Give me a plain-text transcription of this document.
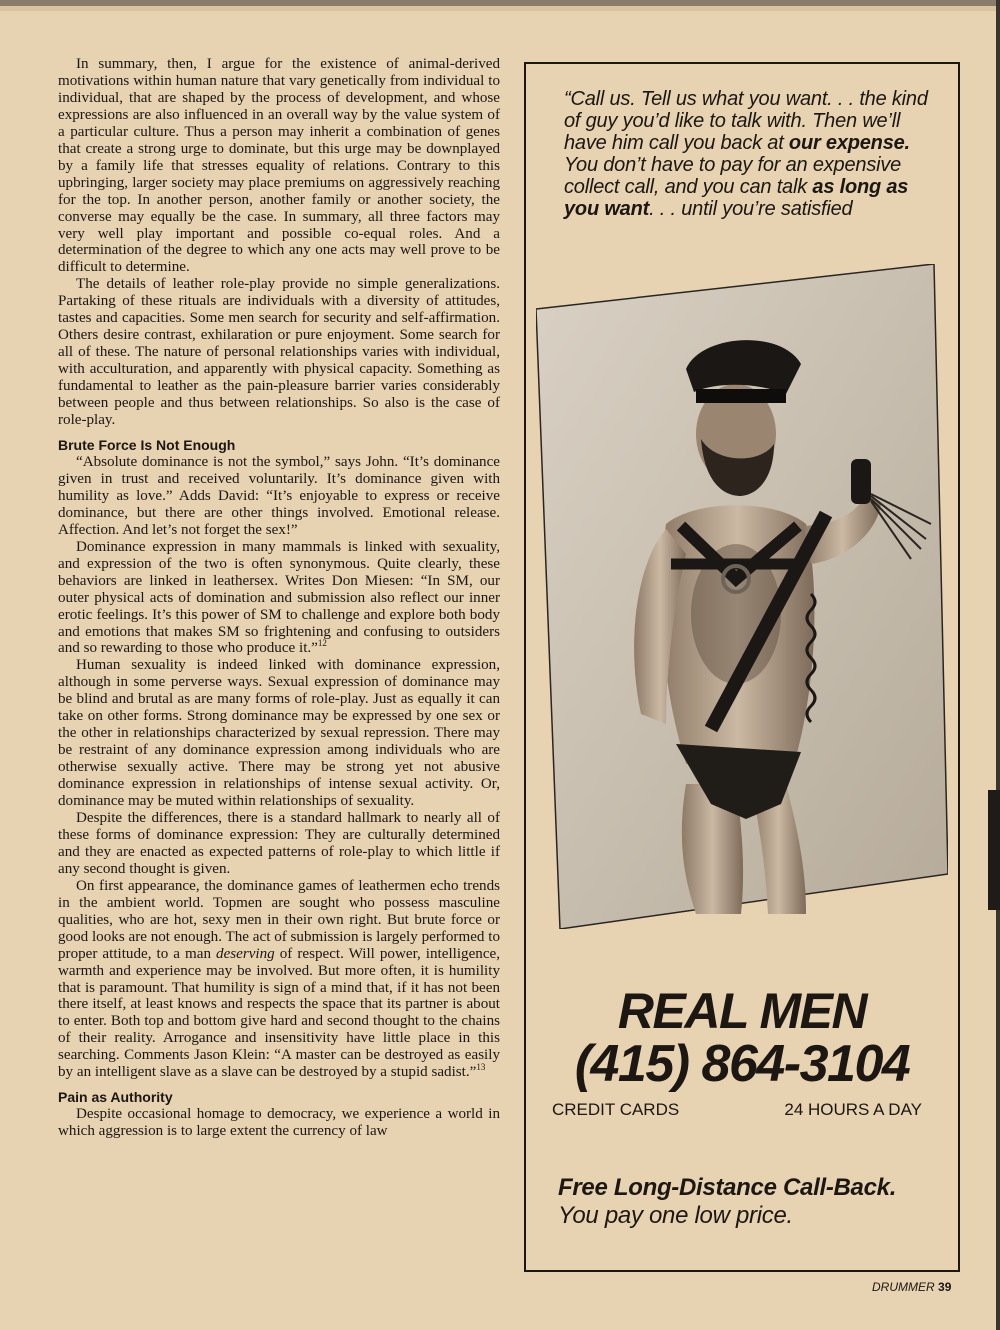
In summary, then, I argue for the existence of animal-derived motivations within human nature that vary genetically from individual to individual, that are shaped by the process of development, and whose expressions are also influenced in an overall way by the value system of a particular culture. Thus a person may inherit a combination of genes that create a strong urge to dominate, but this urge may be downplayed by a family life that stresses equality of relations. Contrary to this upbringing, larger society may place premiums on aggressively reaching for the top. In another person, another family or another society, the converse may equally be the case. In summary, all three factors may very well play important and possible co-equal roles. And a determination of the degree to which any one acts may well prove to be difficult to determine.

The details of leather role-play provide no simple generalizations. Partaking of these rituals are individuals with a diversity of attitudes, tastes and capacities. Some men search for security and self-affirmation. Others desire contrast, exhilaration or pure enjoyment. Some search for all of these. The nature of personal relationships varies with individual, with acculturation, and apparently with physical capacity. Something as fundamental to leather as the pain-pleasure barrier varies considerably between people and thus between relationships. So also is the case of role-play.

Brute Force Is Not Enough

“Absolute dominance is not the symbol,” says John. “It’s dominance given in trust and received voluntarily. It’s dominance given with humility as love.” Adds David: “It’s enjoyable to express or receive dominance, but there are other things involved. Emotional release. Affection. And let’s not forget the sex!”

Dominance expression in many mammals is linked with sexuality, and expression of the two is often synonymous. Quite clearly, these behaviors are linked in leathersex. Writes Don Miesen: “In SM, our outer physical acts of domination and submission also reflect our inner erotic feelings. It’s this power of SM to challenge and explore both body and emotions that makes SM so frightening and confusing to outsiders and so rewarding to those who produce it.”$^{12}$

Human sexuality is indeed linked with dominance expression, although in some perverse ways. Sexual expression of dominance may be blind and brutal as are many forms of role-play. Just as equally it can take on other forms. Strong dominance may be expressed by one sex or the other in relationships characterized by sexual repression. There may be restraint of any dominance expression among individuals who are otherwise sexually active. There may be strong yet not abusive dominance expression in relationships of intense sexual activity. Or, dominance may be muted within relationships of sexuality.

Despite the differences, there is a standard hallmark to nearly all of these forms of dominance expression: They are culturally determined and they are enacted as expected patterns of role-play to which little if any second thought is given.

On first appearance, the dominance games of leathermen echo trends in the ambient world. Topmen are sought who possess masculine qualities, who are hot, sexy men in their own right. But brute force or good looks are not enough. The act of submission is largely performed to proper attitude, to a man deserving of respect. Will power, intelligence, warmth and experience may be involved. But more often, it is humility that is paramount. That humility is sign of a mind that, if it has not been there itself, at least knows and respects the space that its partner is about to enter. Both top and bottom give hard and second thought to the chains of their reality. Arrogance and insensitivity have little place in this searching. Comments Jason Klein: “A master can be destroyed as easily by an intelligent slave as a slave can be destroyed by a stupid sadist.”$^{13}$

Pain as Authority

Despite occasional homage to democracy, we experience a world in which aggression is to large extent the currency of law

“Call us. Tell us what you want. . . the kind of guy you’d like to talk with. Then we’ll have him call you back at our expense. You don’t have to pay for an expensive collect call, and you can talk as long as you want. . . until you’re satisfied
REAL MEN
(415) 864-3104
CREDIT CARDS	24 HOURS A DAY
Free Long-Distance Call-Back.
You pay one low price.
DRUMMER 39
